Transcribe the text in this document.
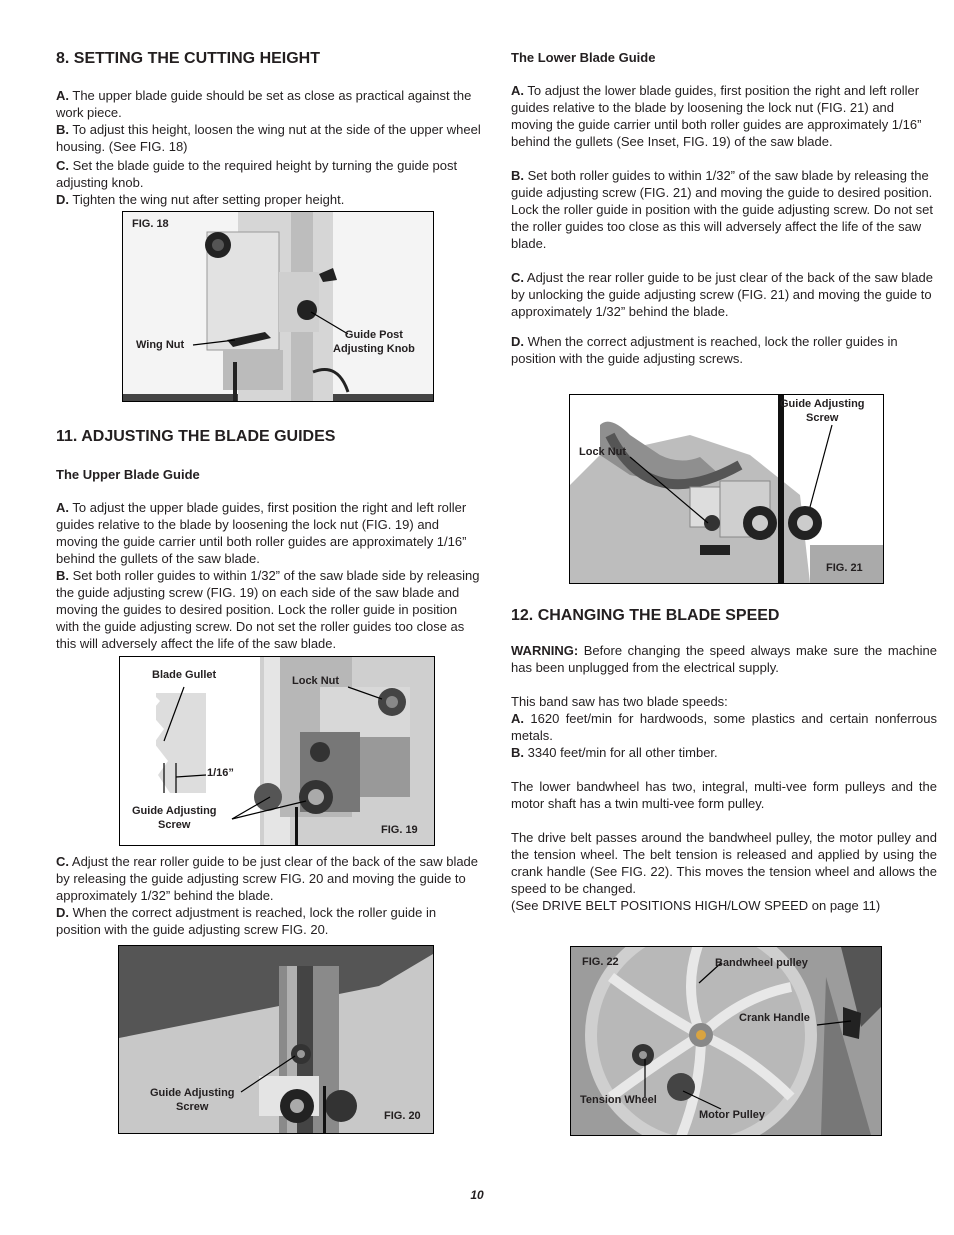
8. SETTING THE CUTTING HEIGHT

A. The upper blade guide should be set as close as practical against the work piece.

B. To adjust this height, loosen the wing nut at the side of the upper wheel housing. (See FIG. 18)

C. Set the blade guide to the required height by turning the guide post adjusting knob.

D. Tighten the wing nut after setting proper height.

FIG. 18
Wing Nut
Guide Post
Adjusting Knob
11. ADJUSTING THE BLADE GUIDES
The Upper Blade Guide

A. To adjust the upper blade guides, first position the right and left roller guides relative to the blade by loosening the lock nut (FIG. 19) and moving the guide carrier until both roller guides are approximately 1/16” behind the gullets of the saw blade.

B. Set both roller guides to within 1/32” of the saw blade side by releasing the guide adjusting screw (FIG. 19) on each side of the saw blade and moving the guides to desired position. Lock the roller guide in position with the guide adjusting screw. Do not set the roller guides too close as this will adversely affect the life of the saw blade.

Blade Gullet	Lock Nut
1/16”
Guide Adjusting
Screw	FIG. 19

C. Adjust the rear roller guide to be just clear of the back of the saw blade by releasing the guide adjusting screw FIG. 20 and moving the guide to approximately 1/32” behind the blade.

D. When the correct adjustment is reached, lock the roller guide in position with the guide adjusting screw FIG. 20.

Guide Adjusting
Screw
FIG. 20
The Lower Blade Guide

A. To adjust the lower blade guides, first position the right and left roller guides relative to the blade by loosening the lock nut (FIG. 21) and moving the guide carrier until both roller guides are approximately 1/16” behind the gullets (See Inset, FIG. 19) of the saw blade.

B. Set both roller guides to within 1/32” of the saw blade by releasing the guide adjusting screw (FIG. 21) and moving the guide to desired position. Lock the roller guide in position with the guide adjusting screw. Do not set the roller guides too close as this will adversely affect the life of the saw blade.

C. Adjust the rear roller guide to be just clear of the back of the saw blade by unlocking the guide adjusting screw (FIG. 21) and moving the guide to approximately 1/32” behind the blade.

D. When the correct adjustment is reached, lock the roller guides in position with the guide adjusting screws.

Guide Adjusting
Screw
Lock Nut
FIG. 21
12. CHANGING THE BLADE SPEED

WARNING: Before changing the speed always make sure the machine has been unplugged from the electrical supply.

This band saw has two blade speeds:

A. 1620 feet/min for hardwoods, some plastics and certain nonferrous metals.

B. 3340 feet/min for all other timber.

The lower bandwheel has two, integral, multi-vee form pulleys and the motor shaft has a twin multi-vee form pulley.

The drive belt passes around the bandwheel pulley, the motor pulley and the tension wheel. The belt tension is released and applied by using the crank handle (See FIG. 22). This moves the tension wheel and allows the speed to be changed.

(See DRIVE BELT POSITIONS HIGH/LOW SPEED on page 11)

FIG. 22	Bandwheel pulley
Crank Handle
Tension Wheel
Motor Pulley
10
